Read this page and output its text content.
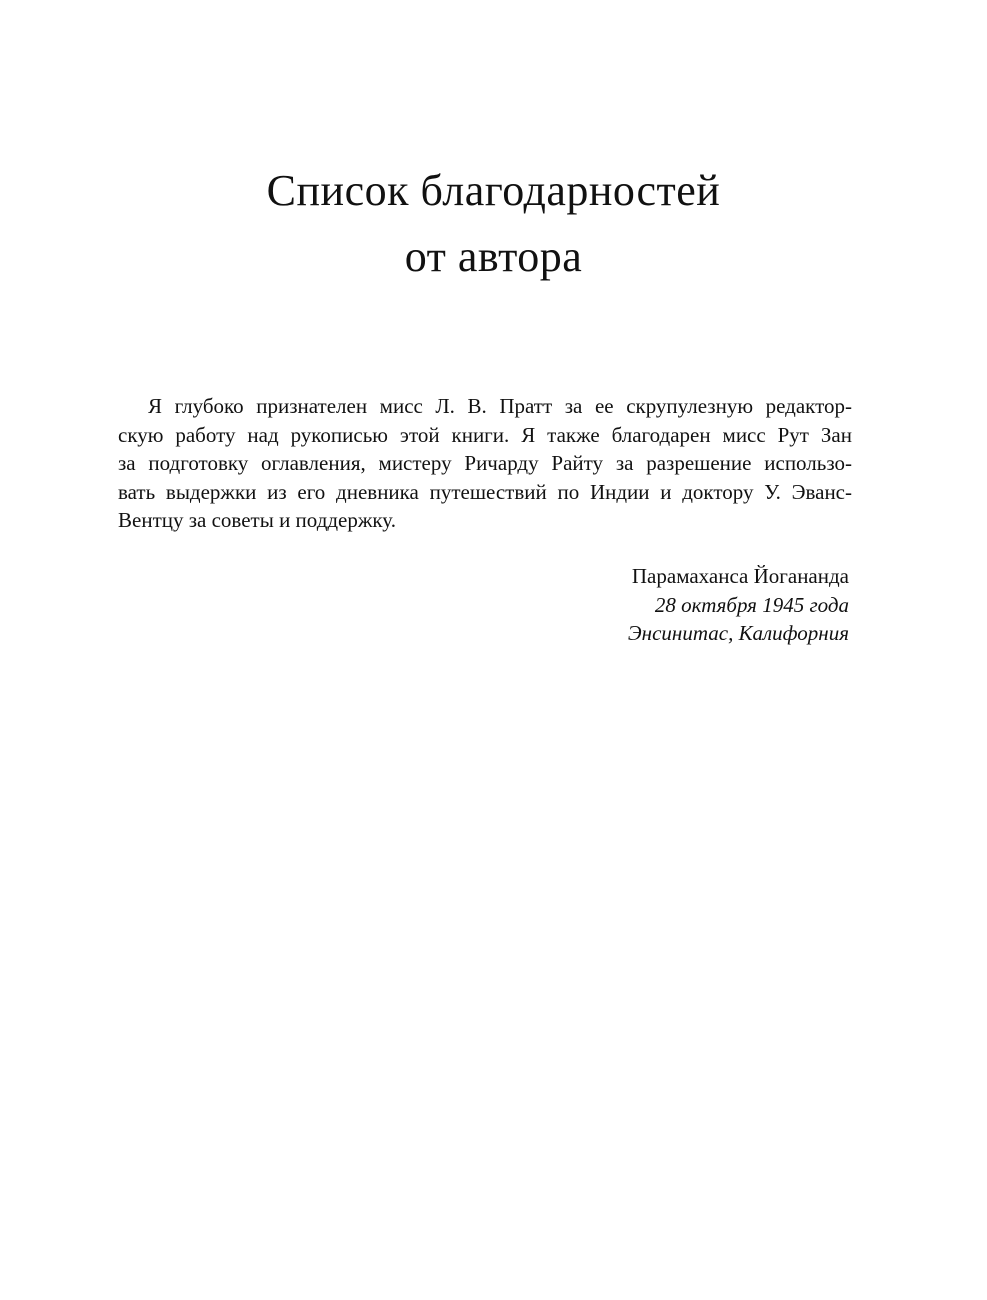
Список благодарностей
от автора

Я глубоко признателен мисс Л. В. Пратт за ее скрупулезную редактор-
скую работу над рукописью этой книги. Я также благодарен мисс Рут Зан
за подготовку оглавления, мистеру Ричарду Райту за разрешение использо-
вать выдержки из его дневника путешествий по Индии и доктору У. Эванс-
Вентцу за советы и поддержку.

Парамаханса Йогананда
28 октября 1945 года
Энсинитас, Калифорния
